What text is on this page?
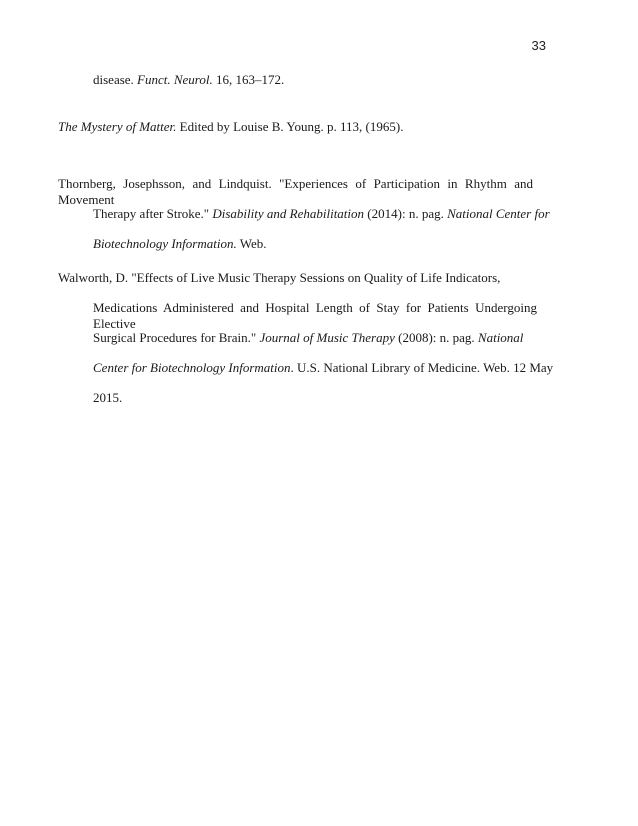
33
disease. Funct. Neurol. 16, 163–172.
The Mystery of Matter. Edited by Louise B. Young. p. 113, (1965).
Thornberg, Josephsson, and Lindquist. "Experiences of Participation in Rhythm and Movement
Therapy after Stroke." Disability and Rehabilitation (2014): n. pag. National Center for
Biotechnology Information. Web.
Walworth, D. "Effects of Live Music Therapy Sessions on Quality of Life Indicators,
Medications Administered and Hospital Length of Stay for Patients Undergoing Elective
Surgical Procedures for Brain." Journal of Music Therapy (2008): n. pag. National
Center for Biotechnology Information. U.S. National Library of Medicine. Web. 12 May
2015.
